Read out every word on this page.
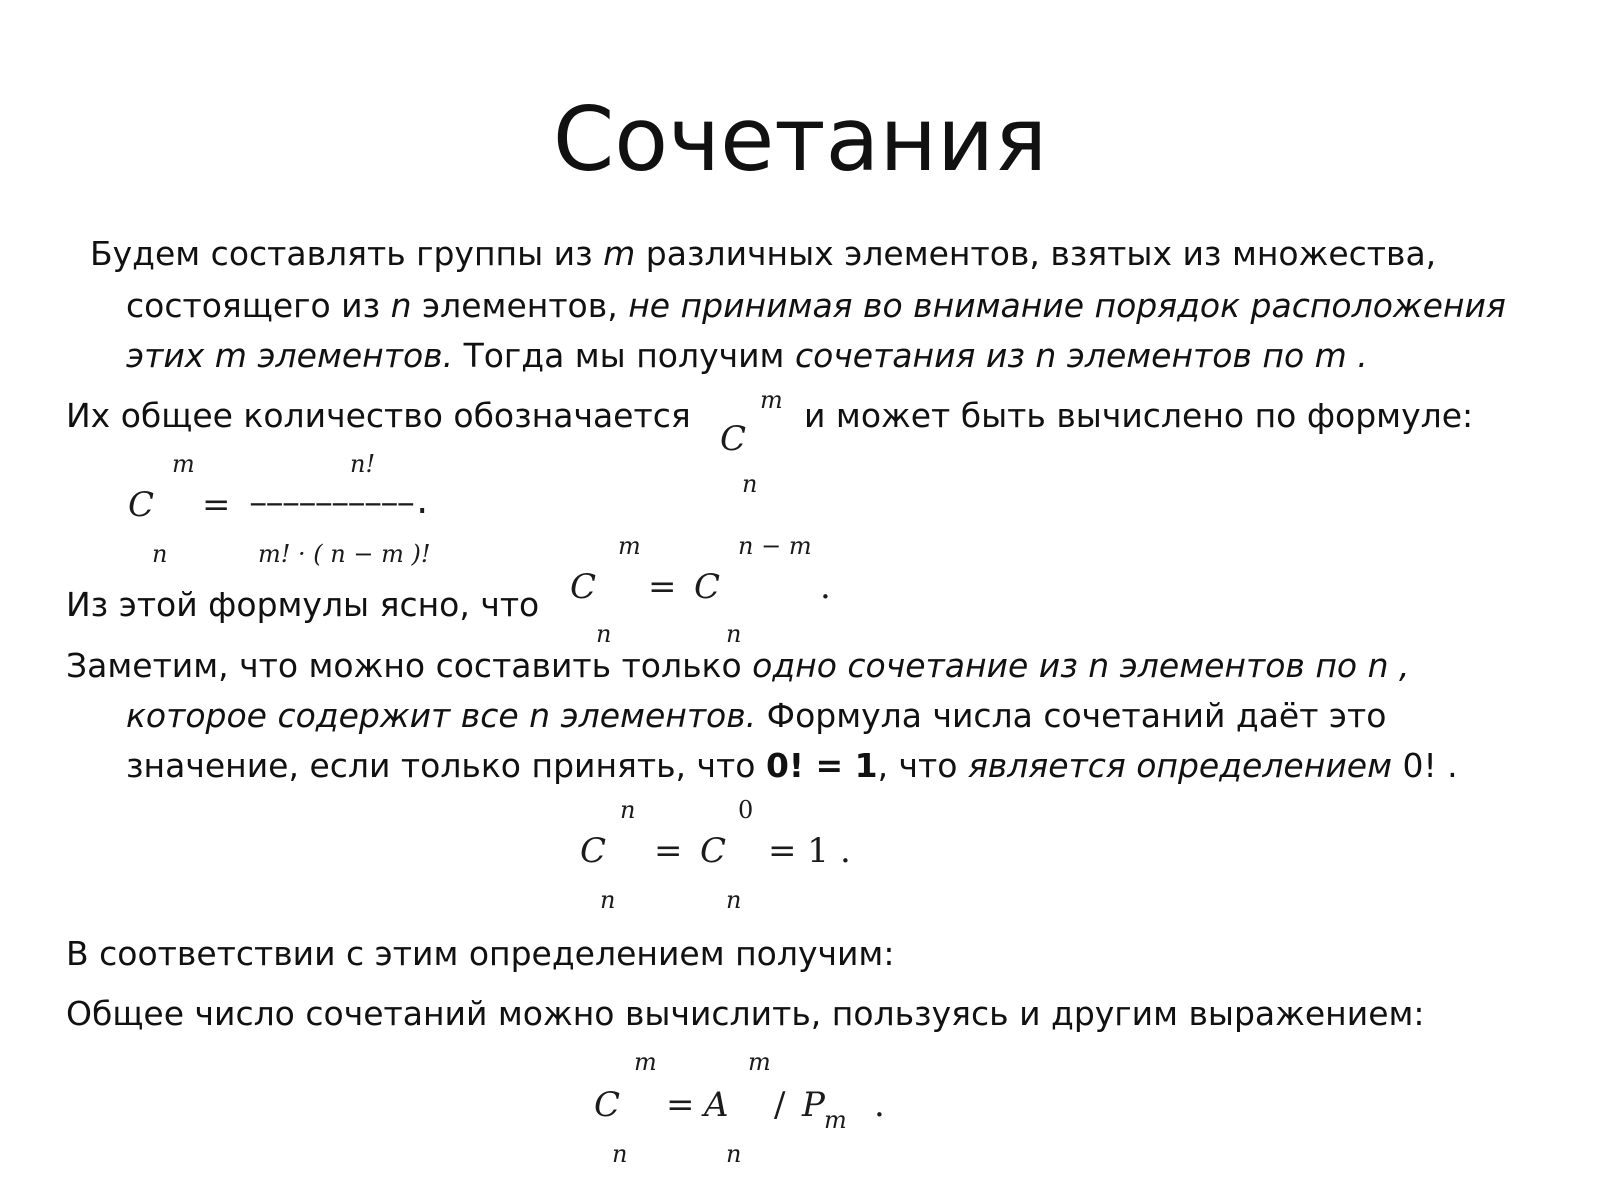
Сочетания
Будем составлять группы из m различных элементов, взятых из множества,
состоящего из n элементов, не принимая во внимание порядок расположения
этих m элементов. Тогда мы получим сочетания из n элементов по m .
Их общее количество обозначается	m
C
n
и может быть вычислено по формуле:
m
C
n
=
n!
––––––––––.
m! · ( n − m )!
Из этой формулы ясно, что
m
C
n
= C
n − m
n
.
Заметим, что можно составить только одно сочетание из n элементов по n ,
которое содержит все n элементов. Формула числа сочетаний даёт это
значение, если только принять, что 0! = 1, что является определением 0! .
n
C
n
= C
0
n
= 1 .
В соответствии с этим определением получим:
Общее число сочетаний можно вычислить, пользуясь и другим выражением:
m
C
n
= A
m
n
/ P m .
